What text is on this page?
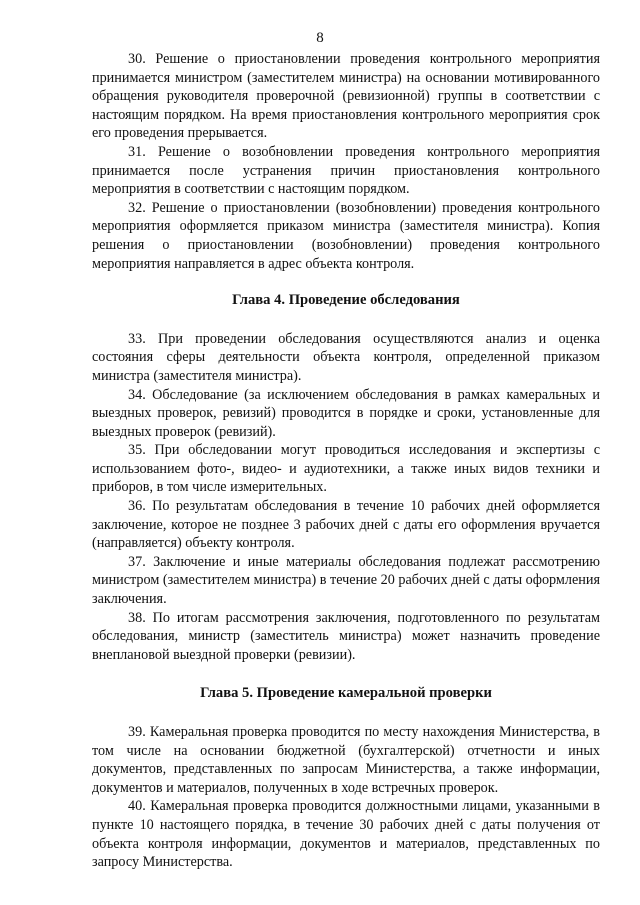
8

30. Решение о приостановлении проведения контрольного мероприятия принимается министром (заместителем министра) на основании мотивированного обращения руководителя проверочной (ревизионной) группы в соответствии с настоящим порядком. На время приостановления контрольного мероприятия срок его проведения прерывается.

31. Решение о возобновлении проведения контрольного мероприятия принимается после устранения причин приостановления контрольного мероприятия в соответствии с настоящим порядком.

32. Решение о приостановлении (возобновлении) проведения контрольного мероприятия оформляется приказом министра (заместителя министра). Копия решения о приостановлении (возобновлении) проведения контрольного мероприятия направляется в адрес объекта контроля.

Глава 4. Проведение обследования

33. При проведении обследования осуществляются анализ и оценка состояния сферы деятельности объекта контроля, определенной приказом министра (заместителя министра).

34. Обследование (за исключением обследования в рамках камеральных и выездных проверок, ревизий) проводится в порядке и сроки, установленные для выездных проверок (ревизий).

35. При обследовании могут проводиться исследования и экспертизы с использованием фото-, видео- и аудиотехники, а также иных видов техники и приборов, в том числе измерительных.

36. По результатам обследования в течение 10 рабочих дней оформляется заключение, которое не позднее 3 рабочих дней с даты его оформления вручается (направляется) объекту контроля.

37. Заключение и иные материалы обследования подлежат рассмотрению министром (заместителем министра) в течение 20 рабочих дней с даты оформления заключения.

38. По итогам рассмотрения заключения, подготовленного по результатам обследования, министр (заместитель министра) может назначить проведение внеплановой выездной проверки (ревизии).

Глава 5. Проведение камеральной проверки

39. Камеральная проверка проводится по месту нахождения Министерства, в том числе на основании бюджетной (бухгалтерской) отчетности и иных документов, представленных по запросам Министерства, а также информации, документов и материалов, полученных в ходе встречных проверок.

40. Камеральная проверка проводится должностными лицами, указанными в пункте 10 настоящего порядка, в течение 30 рабочих дней с даты получения от объекта контроля информации, документов и материалов, представленных по запросу Министерства.
